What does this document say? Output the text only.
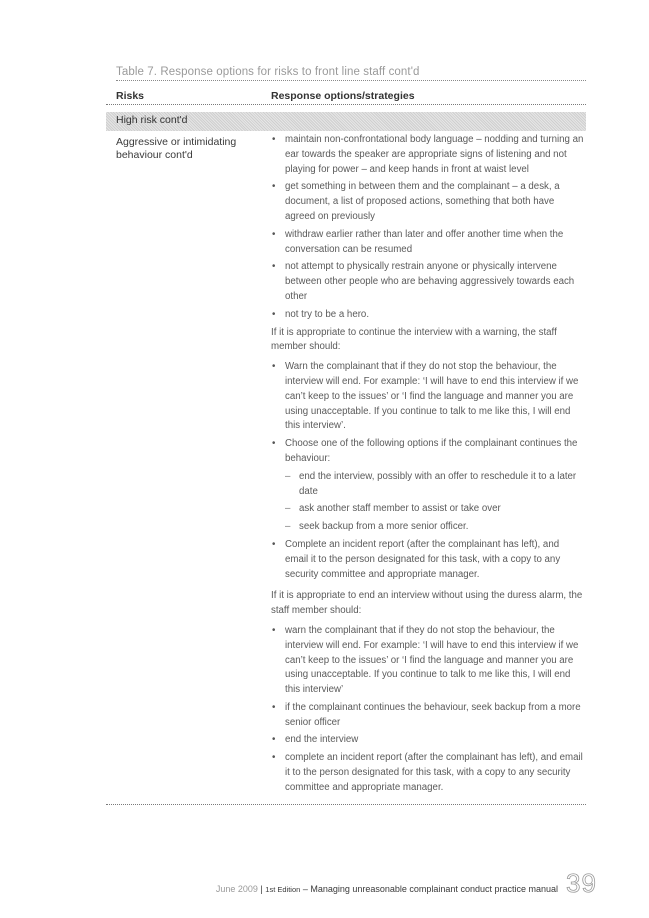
Table 7. Response options for risks to front line staff cont'd
Risks	Response options/strategies
High risk cont'd
Aggressive or intimidating behaviour cont'd
• maintain non-confrontational body language – nodding and turning an ear towards the speaker are appropriate signs of listening and not playing for power – and keep hands in front at waist level
• get something in between them and the complainant – a desk, a document, a list of proposed actions, something that both have agreed on previously
• withdraw earlier rather than later and offer another time when the conversation can be resumed
• not attempt to physically restrain anyone or physically intervene between other people who are behaving aggressively towards each other
• not try to be a hero.

If it is appropriate to continue the interview with a warning, the staff member should:

• Warn the complainant that if they do not stop the behaviour, the interview will end. For example: ‘I will have to end this interview if we can’t keep to the issues’ or ‘I find the language and manner you are using unacceptable. If you continue to talk to me like this, I will end this interview’.
• Choose one of the following options if the complainant continues the behaviour:
– end the interview, possibly with an offer to reschedule it to a later date
– ask another staff member to assist or take over
– seek backup from a more senior officer.
• Complete an incident report (after the complainant has left), and email it to the person designated for this task, with a copy to any security committee and appropriate manager.

If it is appropriate to end an interview without using the duress alarm, the staff member should:

• warn the complainant that if they do not stop the behaviour, the interview will end. For example: ‘I will have to end this interview if we can’t keep to the issues’ or ‘I find the language and manner you are using unacceptable. If you continue to talk to me like this, I will end this interview’
• if the complainant continues the behaviour, seek backup from a more senior officer
• end the interview
• complete an incident report (after the complainant has left), and email it to the person designated for this task, with a copy to any security committee and appropriate manager.
June 2009 | 1st Edition – Managing unreasonable complainant conduct practice manual 39
